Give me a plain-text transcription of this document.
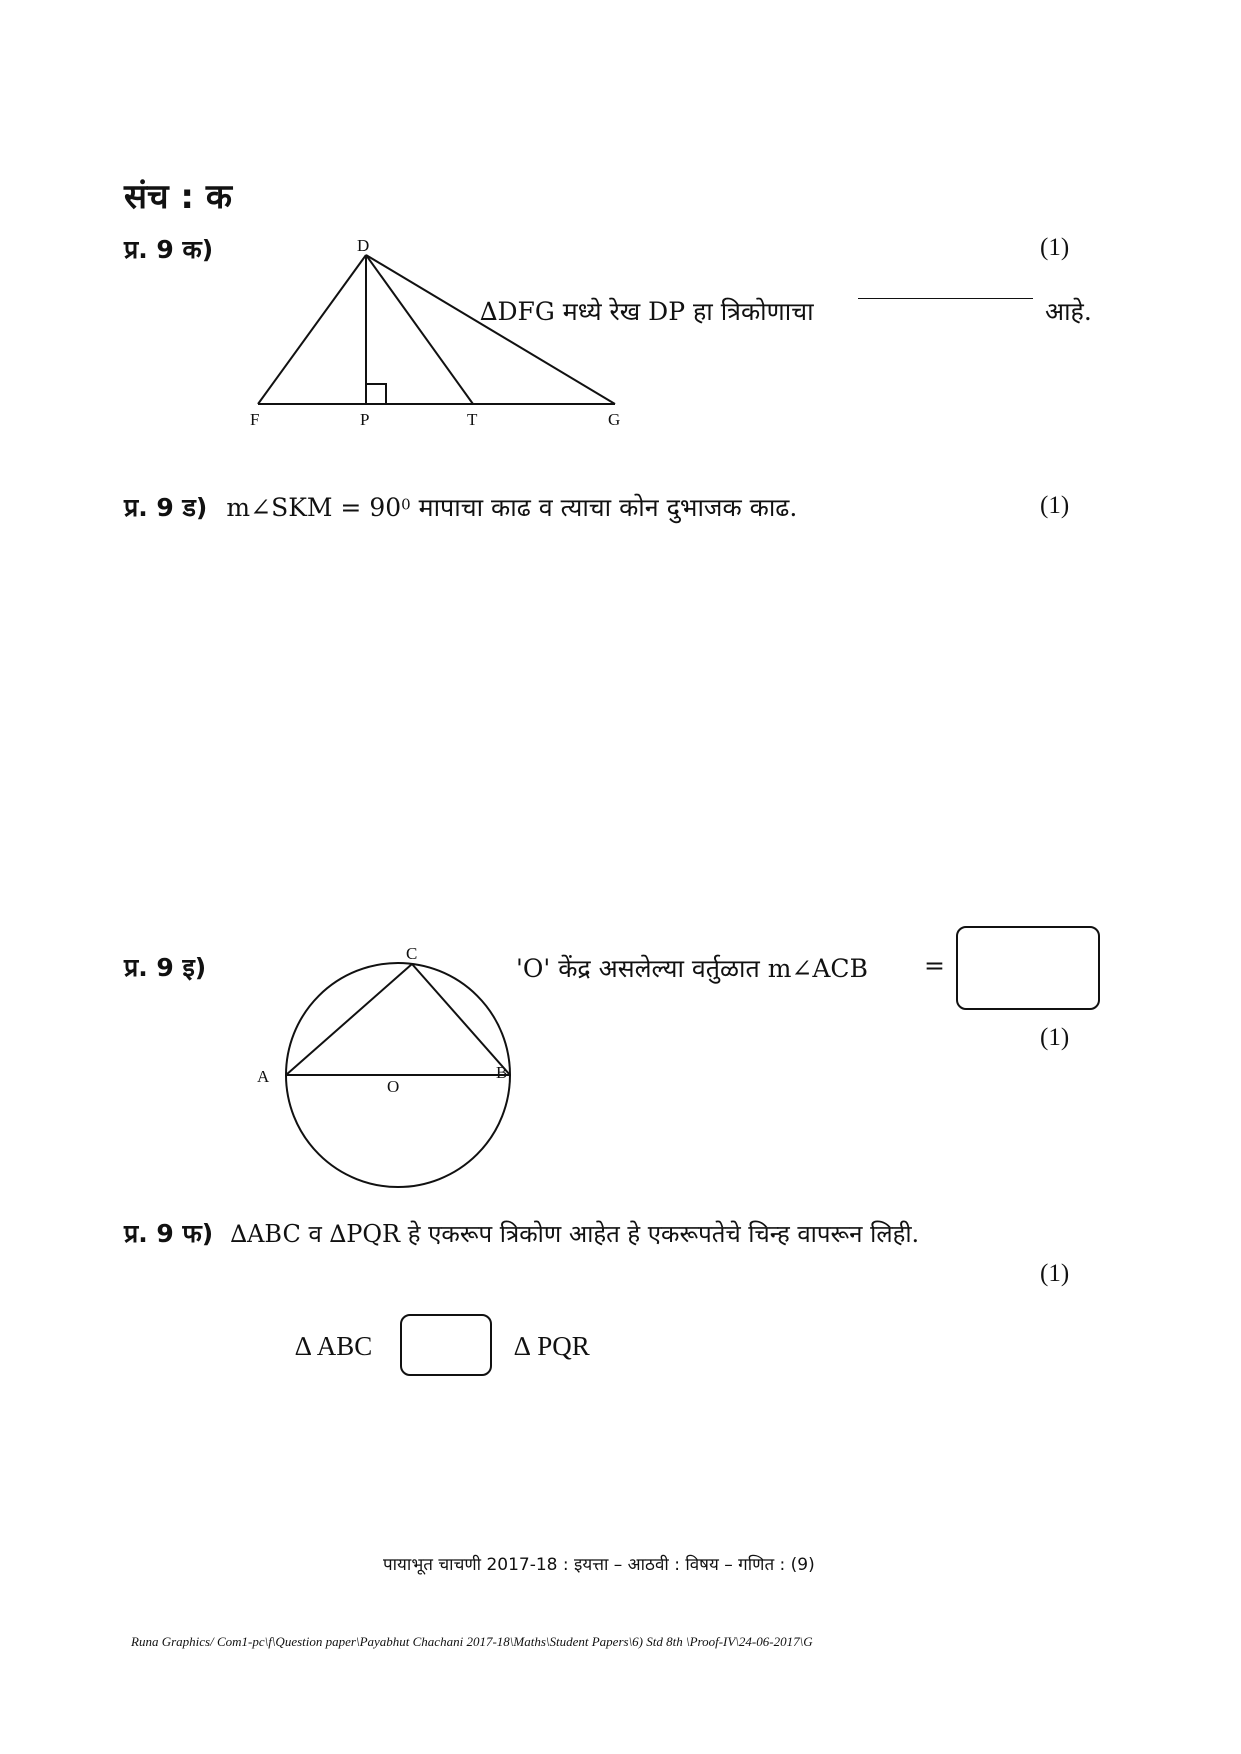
संच : क
प्र. 9 क)	(1)
D
F	P	T	G
∆DFG मध्ये रेख DP हा त्रिकोणाचा	आहे.
प्र. 9 ड) m∠SKM = $90^0$ मापाचा काढ व त्याचा कोन दुभाजक काढ.	(1)
प्र. 9 इ)	C
A	B
O
'O' केंद्र असलेल्या वर्तुळात m∠ACB =
(1)
प्र. 9 फ) ∆ABC व ∆PQR हे एकरूप त्रिकोण आहेत हे एकरूपतेचे चिन्ह वापरून लिही.
(1)
∆ ABC	∆ PQR
पायाभूत चाचणी 2017-18 : इयत्ता – आठवी : विषय – गणित : (9)
Runa Graphics/ Com1-pc\f\Question paper\Payabhut Chachani 2017-18\Maths\Student Papers\6) Std 8th \Proof-IV\24-06-2017\G
